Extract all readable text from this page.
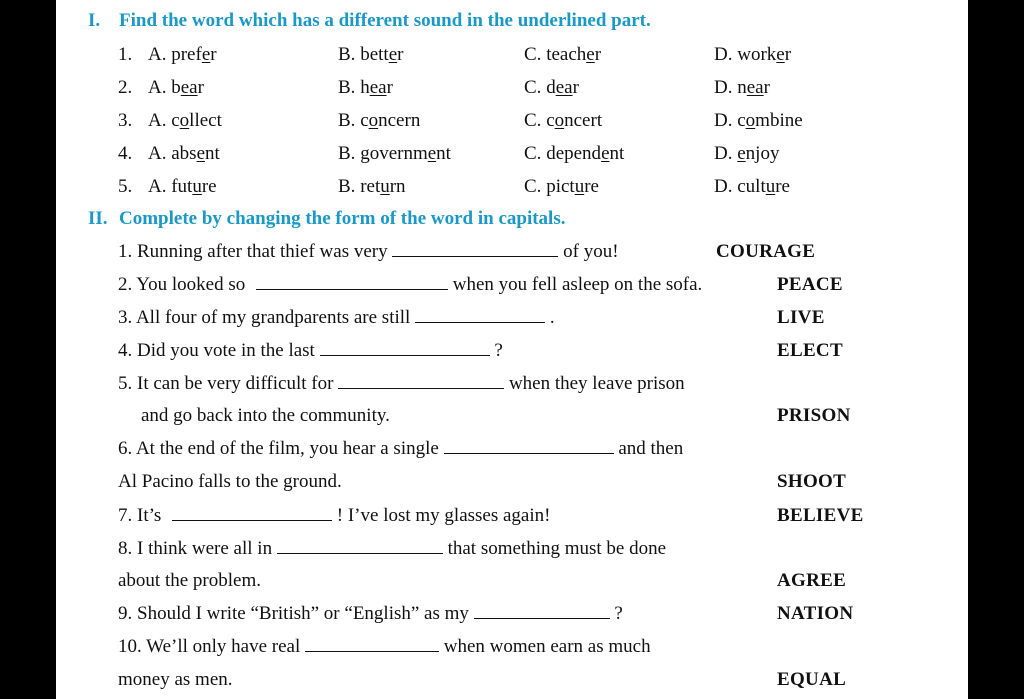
I. Find the word which has a different sound in the underlined part.
II. Complete by changing the form of the word in capitals.
1. Running after that thief was very	of you!	COURAGE
2. You looked so	when you fell asleep on the sofa.	PEACE
3. All four of my grandparents are still	.	LIVE
4. Did you vote in the last	?	ELECT
5. It can be very difficult for	when they leave prison
and go back into the community.	PRISON
6. At the end of the film, you hear a single	and then
Al Pacino falls to the ground.	SHOOT
7. It’s	! I’ve lost my glasses again!	BELIEVE
8. I think were all in	that something must be done
about the problem.	AGREE
9. Should I write “British” or “English” as my	?	NATION
10. We’ll only have real	when women earn as much
money as men.	EQUAL
1. A. prefer	B. better	C. teacher	D. worker
2. A. bear	B. hear	C. dear	D. near
3. A. collect	B. concern	C. concert	D. combine
4. A. absent	B. government	C. dependent	D. enjoy
5. A. future	B. return	C. picture	D. culture
